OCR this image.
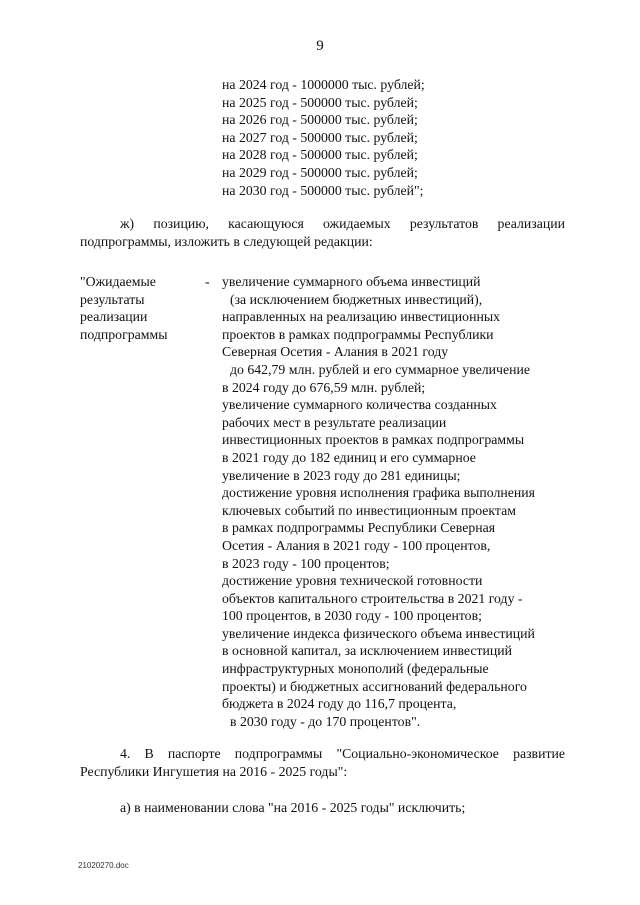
9
на 2024 год - 1000000 тыс. рублей;
на 2025 год - 500000 тыс. рублей;
на 2026 год - 500000 тыс. рублей;
на 2027 год - 500000 тыс. рублей;
на 2028 год - 500000 тыс. рублей;
на 2029 год - 500000 тыс. рублей;
на 2030 год - 500000 тыс. рублей";
ж) позицию, касающуюся ожидаемых результатов реализации
подпрограммы, изложить в следующей редакции:
"Ожидаемые
результаты
реализации
подпрограммы
- увеличение суммарного объема инвестиций
(за исключением бюджетных инвестиций),
направленных на реализацию инвестиционных
проектов в рамках подпрограммы Республики
Северная Осетия - Алания в 2021 году
до 642,79 млн. рублей и его суммарное увеличение
в 2024 году до 676,59 млн. рублей;
увеличение суммарного количества созданных
рабочих мест в результате реализации
инвестиционных проектов в рамках подпрограммы
в 2021 году до 182 единиц и его суммарное
увеличение в 2023 году до 281 единицы;
достижение уровня исполнения графика выполнения
ключевых событий по инвестиционным проектам
в рамках подпрограммы Республики Северная
Осетия - Алания в 2021 году - 100 процентов,
в 2023 году - 100 процентов;
достижение уровня технической готовности
объектов капитального строительства в 2021 году -
100 процентов, в 2030 году - 100 процентов;
увеличение индекса физического объема инвестиций
в основной капитал, за исключением инвестиций
инфраструктурных монополий (федеральные
проекты) и бюджетных ассигнований федерального
бюджета в 2024 году до 116,7 процента,
в 2030 году - до 170 процентов".
4. В паспорте подпрограммы "Социально-экономическое развитие
Республики Ингушетия на 2016 - 2025 годы":
а) в наименовании слова "на 2016 - 2025 годы" исключить;
21020270.doc
